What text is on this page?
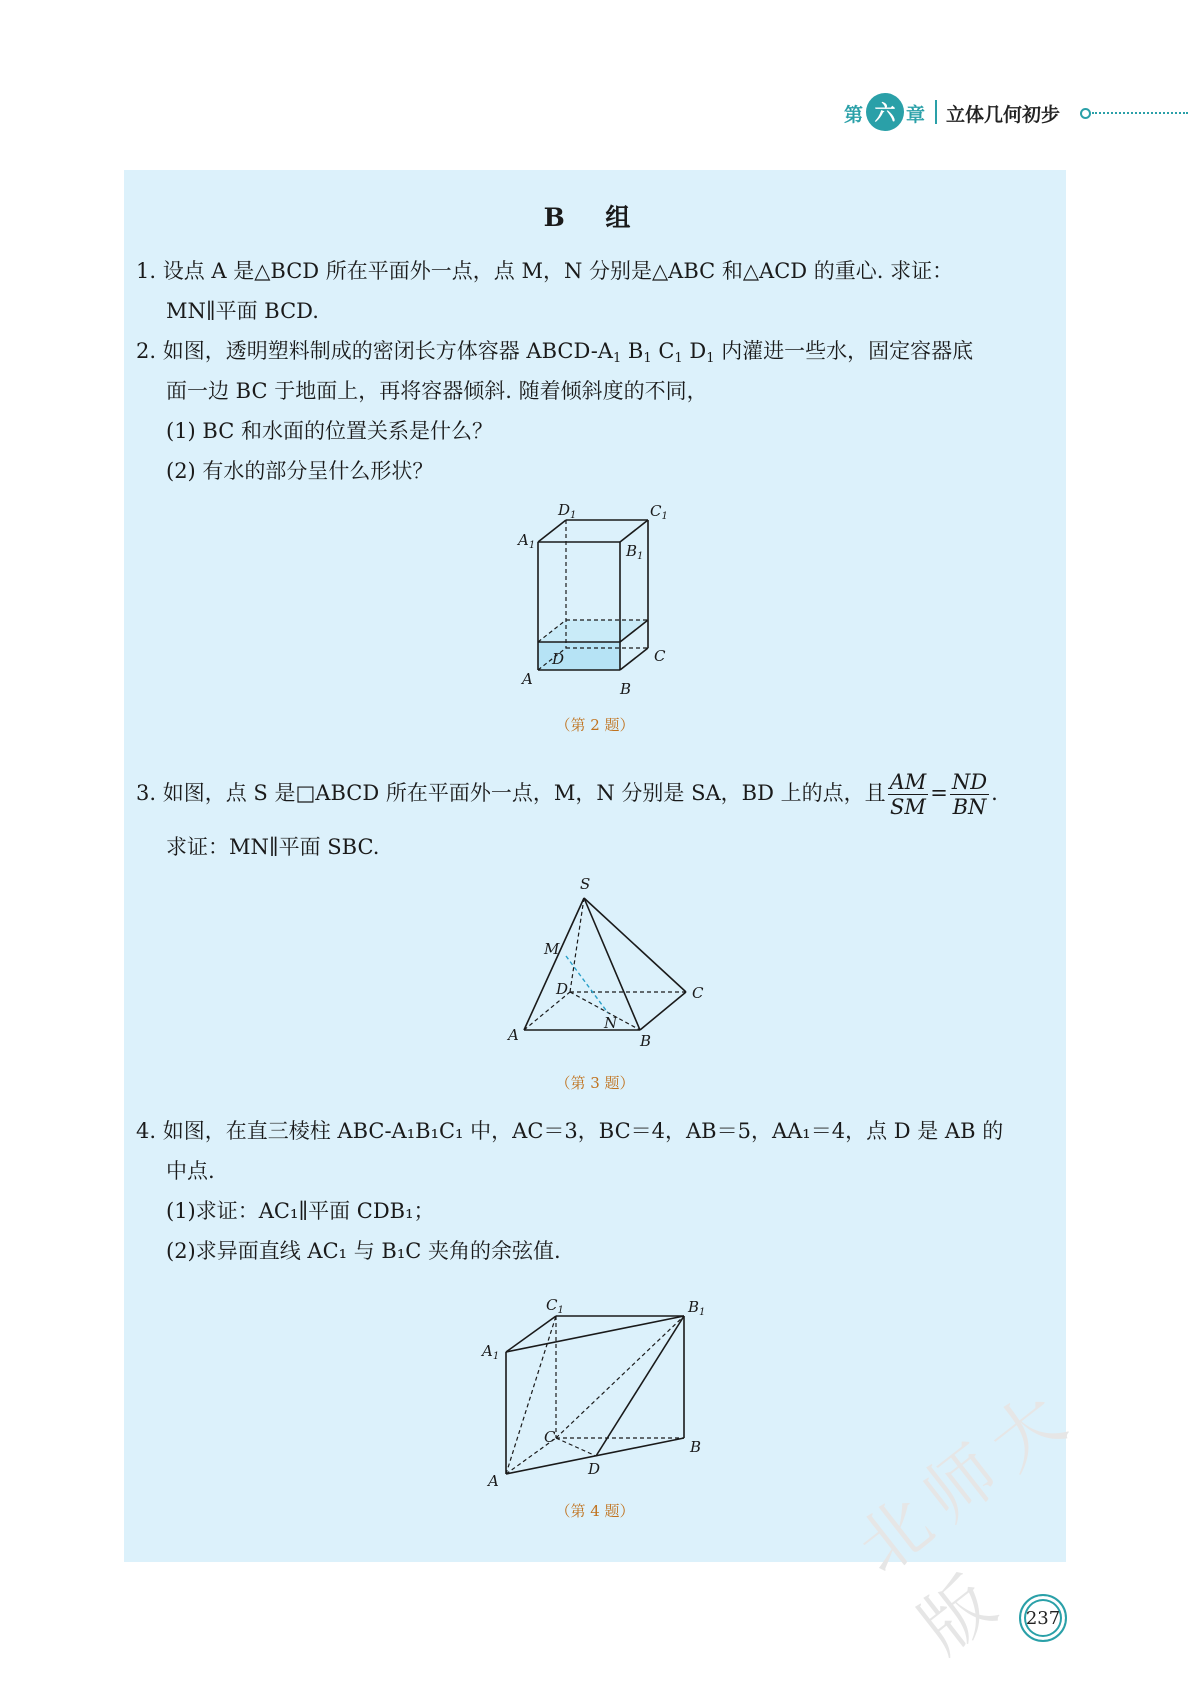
第 六 章 立体几何初步
B 组
1. 设点 A 是△BCD 所在平面外一点，点 M，N 分别是△ABC 和△ACD 的重心. 求证：
MN∥平面 BCD.
2. 如图，透明塑料制成的密闭长方体容器 ABCD-$A_1$ $B_1$ $C_1$ $D_1$ 内灌进一些水，固定容器底
面一边 BC 于地面上，再将容器倾斜. 随着倾斜度的不同，
(1) BC 和水面的位置关系是什么？
(2) 有水的部分呈什么形状？
$D_1$	$C_1$
$A_1$	$B_1$
D	C
A
B
（第 2 题）
3. 如图，点 S 是□ABCD 所在平面外一点，M，N 分别是 SA，BD 上的点，且 $\frac{AM}{SM} = \frac{ND}{BN}$ .
求证：MN∥平面 SBC.
S
M
D	C
A
N
B
（第 3 题）
4. 如图，在直三棱柱 ABC-A₁B₁C₁ 中，AC＝3，BC＝4，AB＝5，AA₁＝4，点 D 是 AB 的
中点.
(1)求证：AC₁∥平面 CDB₁；
(2)求异面直线 AC₁ 与 B₁C 夹角的余弦值.
$C_1$	$B_1$
$A_1$
C
B
A
D
（第 4 题）	北师大版 237
